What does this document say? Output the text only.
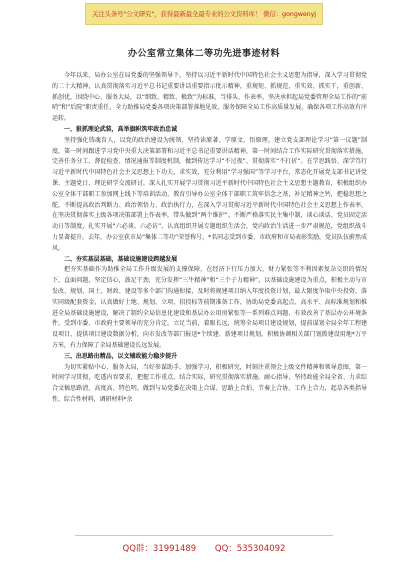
关注头条号"公文研究"，获得最新最全最专业的公文资料库！ 微信：gongwenyj
办公室常立集体二等功先进事迹材料

今年以来，局办公室在局党委的坚强领导下，坚持以习近平新时代中国特色社会主义思想为指导，深入学习贯彻党的二十大精神，认真贯彻落实习近平总书记重要讲话重要指示批示精神，重规矩、抓规范，重实效、抓实干，重创新、抓创优，围绕中心、服务大局，以“细致、精致、极致”为标准，当排头、作表率，坚决承担起局党委管理全局工作的“前哨”和“后院”职责重任，全力助推局党委各项决策部署落地见效，服务保障全局工作高质量发展，确保各项工作高效有序运转。

一、狠抓理论武装，高举旗帜筑牢政治忠诚

坚持强化铸魂育人，以党的政治建设为统领，坚持读原著、学原文、悟原理，建立党支部理论学习“第一议题”制度，第一时间跟进学习党中央重大决策部署和习近平总书记重要讲话精神，第一时间结合工作实际研究贯彻落实措施，完善任务分工、督促检查、情况通报等制度机制，做到传达学习“不过夜”、贯彻落实“不打折”。在学思践悟、深学笃行习近平新时代中国特色社会主义思想上下功夫，求实效，充分利用“学习强国”等学习平台，常态化开展党支部书记讲党课、主题党日、理论研学交流研讨。深入扎实开展学习贯彻习近平新时代中国特色社会主义思想主题教育，积极组织办公室全体干部职工参加网上线下等培训活动，教育引导办公室全体干部职工筑牢信念之基，补足精神之钙，把稳思想之舵，不断提高政治判断力、政治领悟力、政治执行力，在深入学习贯彻习近平新时代中国特色社会主义思想上作表率，在坚决贯彻落实上级各项决策部署上作表率，带头做到“两个维护”。不断严格落实民主集中制，谈心谈话、党员固定活动日等制度，扎实开展“六必谈、六必访”，认真组织开展专题组织生活会，党内政治生活进一步严肃规范，党组织战斗力显著提升。去年，办公室获市局“集体二等功”荣誉称号，*名同志受到市委、市政府和市局表彰奖励，党员队伍蔚然成风。

二、夯实基层基础，基础设施建设跨越发展

把夯实基础作为助推全局工作升级发展的支撑保障，在经济下行压力加大、财力紧张等不利因素复杂交织的情况下，直面问题，坚定信心，鼓足干劲，充分发挥“三牛精神”和“三个子力精神”，以基础设施建设为重点，积极主动与市发改、规划、国土、财政、建设等多个部门沟通衔接，及时将规建项目纳入年度投资计划，最大限度争取中央投资，落实同级配套资金，认真做好土地、规划、立项、招投标等前期准备工作，协助局党委高起点、高水平、高标准规划和推进全局基础设施建设，解决了制约全局信息化建设和基层办公用房紧张等一系列难点问题，有效改善了基层办公环境条件，受到市委、市政府主要领导的充分肯定。立足当前，着眼长远，统筹全局项目建设规划，提前谋划全局全年工程建设项目，提供项目建设数据分析，向市发改等部门报送*个续建、新建项目规划，积极协调相关部门划拨建设用地*万平方米，有力保障了全局基础建设长远发展。

三、出思路出精品，以文辅政能力稳步提升

为切实紧贴中心、服务大局，当好参谋助手，加强学习，积极研究，时刻注重领会上级文件精神和领导意图，第一时间学习贯彻，吃透内容要求，把握工作重点，结合实际，研究贯彻落实措施。耐心指导，坚持政能全局全省、力求综合文稿思路清、高度高、特色明，做到与局党委在决策上合谋、思路上合拍、节奏上合协、工作上合力，起草各类指导性、综合性材料，调研材料*余

QQ群：31991489 QQ：535304092
